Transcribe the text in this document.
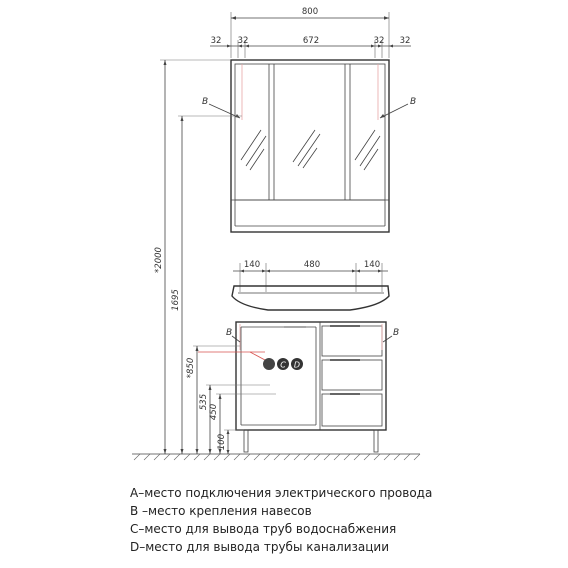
800
32 32	672	32 32
B	B
140	480	140
B	B
C D
*2000
1695
*850
535
450
100
A–место подключения электрического провода
B –место крепления навесов
C–место для вывода труб водоснабжения
D–место для вывода трубы канализации
